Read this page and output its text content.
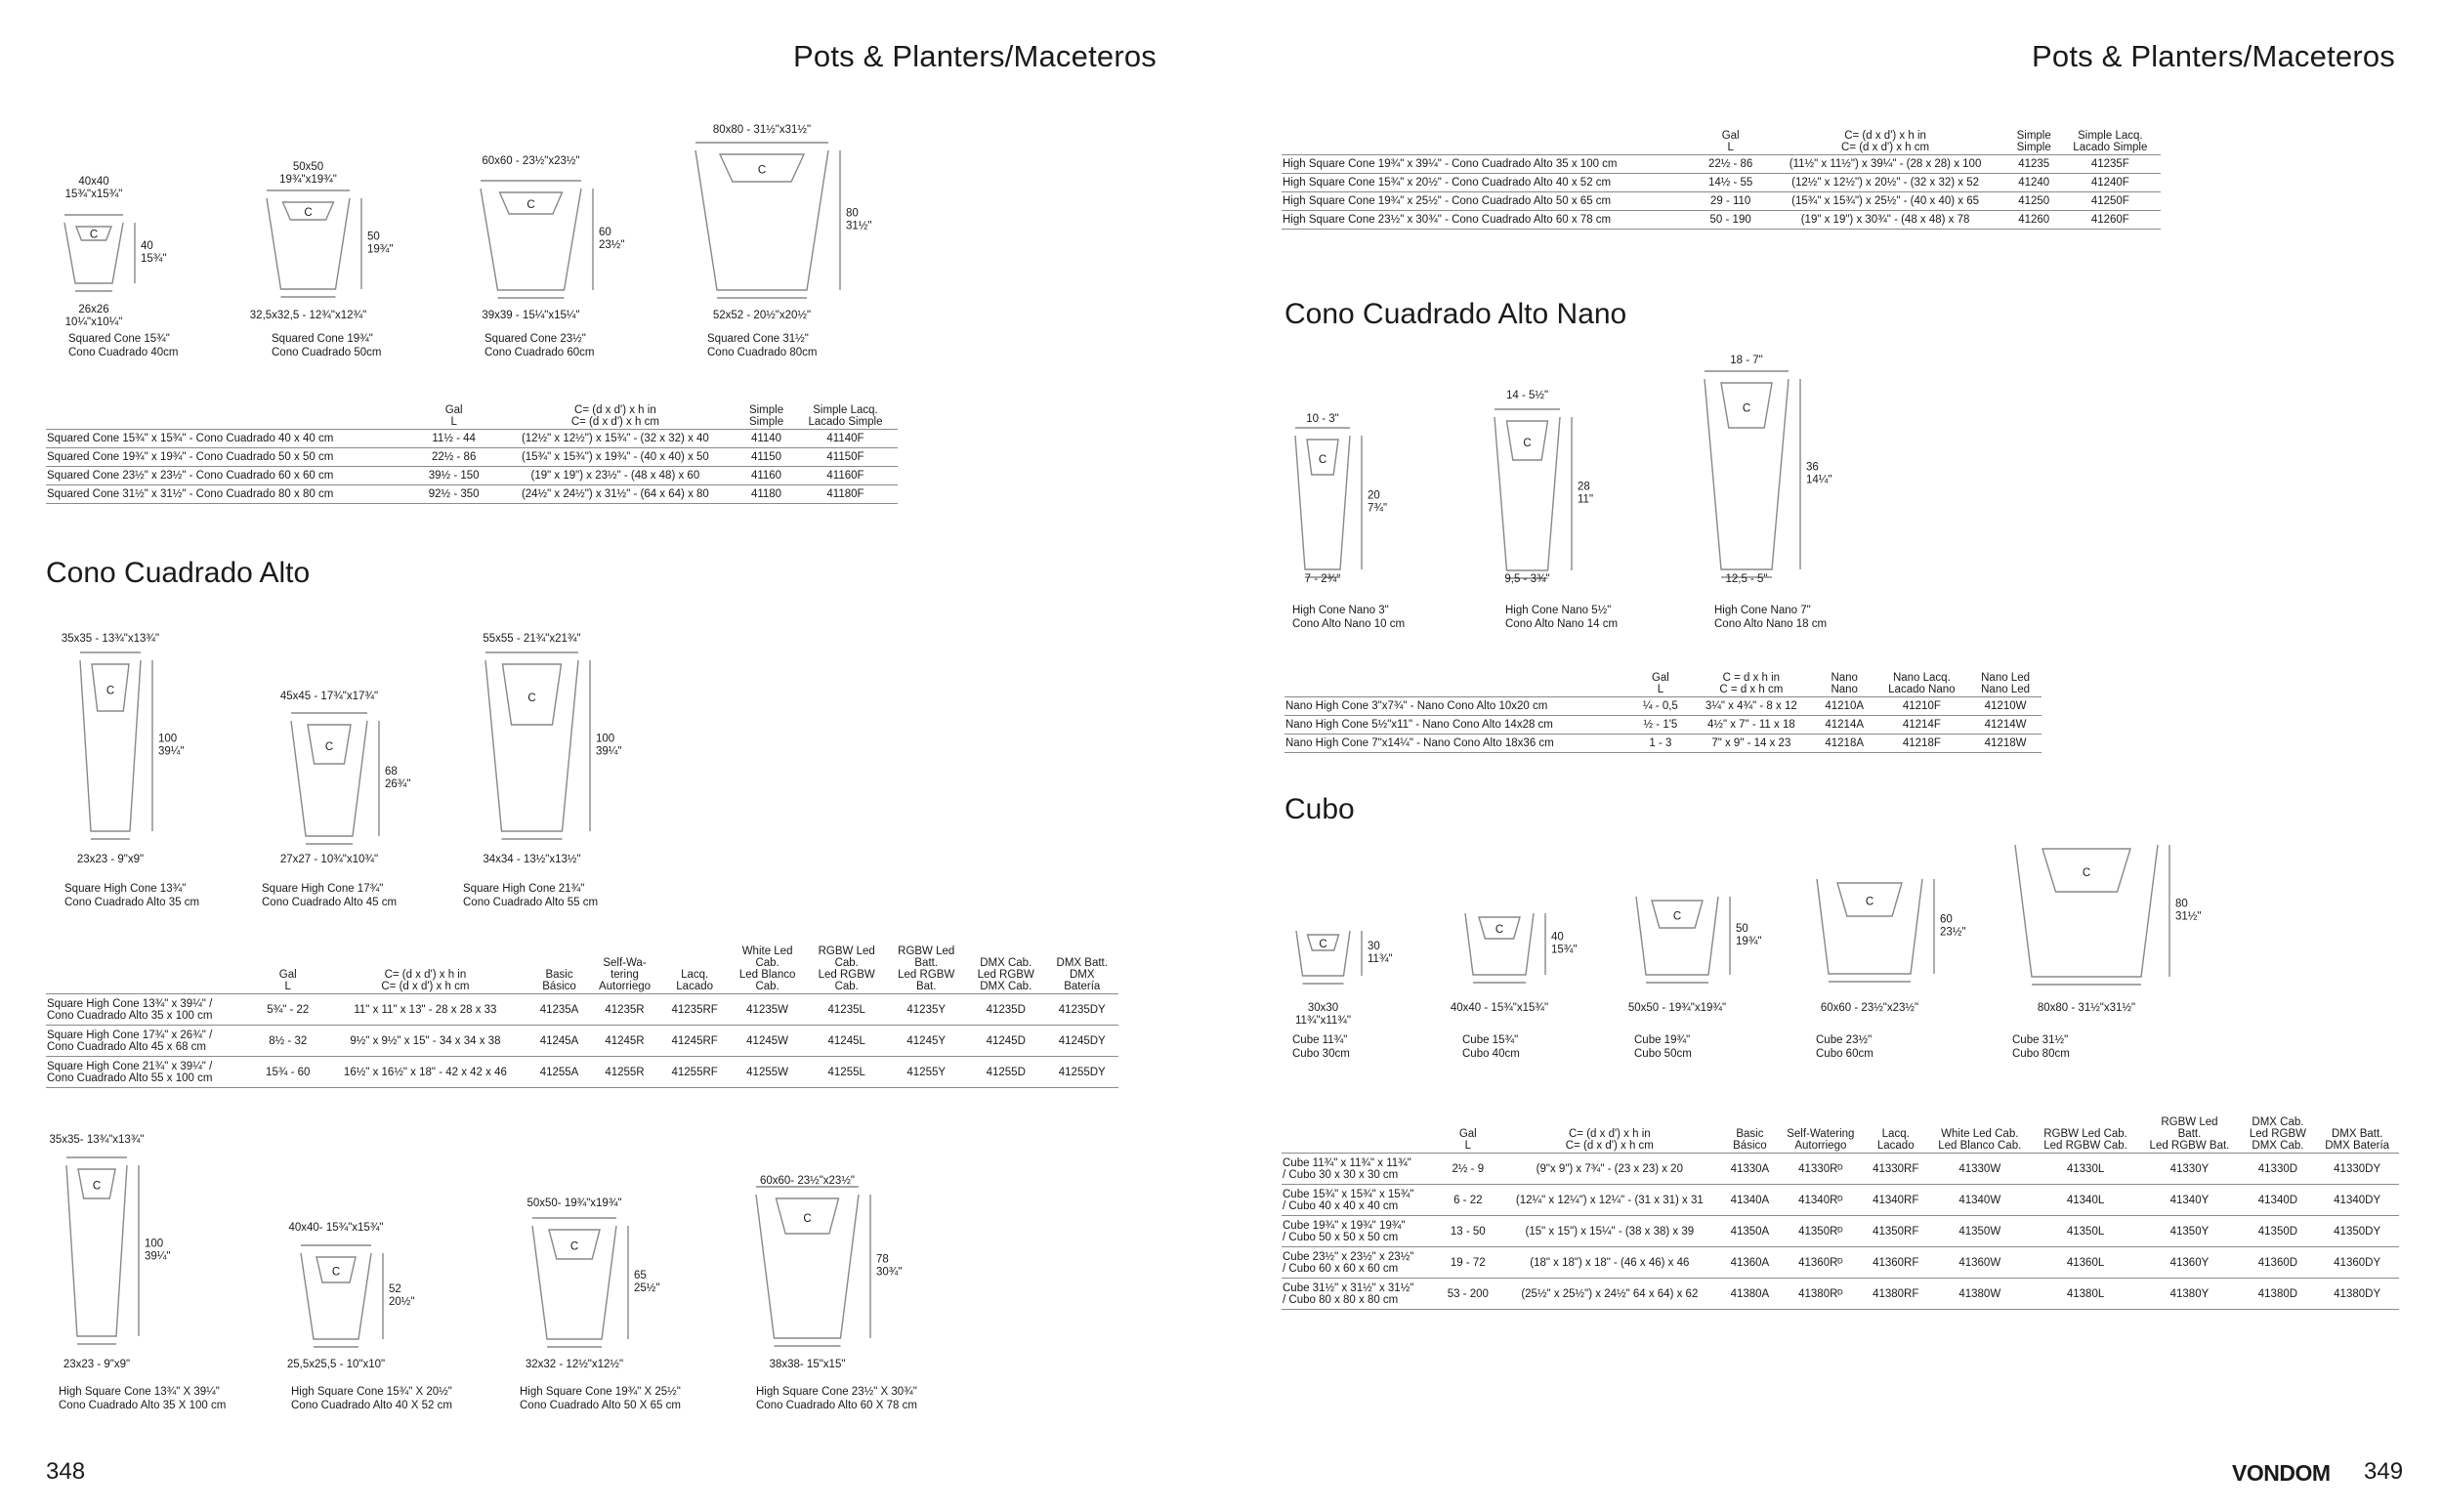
Pots & Planters/Maceteros	Pots & Planters/Maceteros
348	VONDOM 349
Cono Cuadrado Alto
Cono Cuadrado Alto Nano
Cubo
C
40x40 15¾"x15¾"
40 15¾"
26x26 10¼"x10¼"
Squared Cone 15¾"
Cono Cuadrado 40cm
C
50x50 19¾"x19¾"
50 19¾"
32,5x32,5 - 12¾"x12¾"
Squared Cone 19¾"
Cono Cuadrado 50cm
C
60x60 - 23½"x23½"
60 23½"
39x39 - 15¼"x15¼"
Squared Cone 23½"
Cono Cuadrado 60cm
C
80x80 - 31½"x31½"
80 31½"
52x52 - 20½"x20½"
Squared Cone 31½"
Cono Cuadrado 80cm
C
35x35 - 13¾"x13¾"
100 39¼"
23x23 - 9"x9"
Square High Cone 13¾"
Cono Cuadrado Alto 35 cm
C
45x45 - 17¾"x17¾"
68 26¾"
27x27 - 10¾"x10¾"
Square High Cone 17¾"
Cono Cuadrado Alto 45 cm
C
55x55 - 21¾"x21¾"
100 39¼"
34x34 - 13½"x13½"
Square High Cone 21¾"
Cono Cuadrado Alto 55 cm
C
35x35- 13¾"x13¾"
100 39¼"
23x23 - 9"x9"
High Square Cone 13¾" X 39¼"
Cono Cuadrado Alto 35 X 100 cm
C
40x40- 15¾"x15¾"
52 20½"
25,5x25,5 - 10"x10"
High Square Cone 15¾" X 20½"
Cono Cuadrado Alto 40 X 52 cm
C
50x50- 19¾"x19¾"
65 25½"
32x32 - 12½"x12½"
High Square Cone 19¾" X 25½"
Cono Cuadrado Alto 50 X 65 cm
C
60x60- 23½"x23½"
78 30¾"
38x38- 15"x15"
High Square Cone 23½" X 30¾"
Cono Cuadrado Alto 60 X 78 cm
C
10 - 3"
20 7¾"
7 - 2¾"
High Cone Nano 3"
Cono Alto Nano 10 cm
C
14 - 5½"
28 11"
9,5 - 3¾"
High Cone Nano 5½"
Cono Alto Nano 14 cm
C
18 - 7"
36 14¼"
12,5 - 5"
High Cone Nano 7"
Cono Alto Nano 18 cm
C	30 11¾"
30x30 11¾"x11¾"
Cube 11¾"
Cubo 30cm
C
40 15¾"
40x40 - 15¾"x15¾"
Cube 15¾"
Cubo 40cm
C
50 19¾"
50x50 - 19¾"x19¾"
Cube 19¾"
Cubo 50cm
C
60 23½"
60x60 - 23½"x23½"
Cube 23½"
Cubo 60cm
C
80 31½"
80x80 - 31½"x31½"
Cube 31½"
Cubo 80cm
	Gal
L	C= (d x d') x h in
C= (d x d') x h cm	Simple
Simple	Simple Lacq.
Lacado Simple
Squared Cone 15¾" x 15¾" - Cono Cuadrado 40 x 40 cm	11½ - 44	(12½" x 12½") x 15¾" - (32 x 32) x 40	41140	41140F
Squared Cone 19¾" x 19¾" - Cono Cuadrado 50 x 50 cm	22½ - 86	(15¾" x 15¾") x 19¾" - (40 x 40) x 50	41150	41150F
Squared Cone 23½" x 23½" - Cono Cuadrado 60 x 60 cm	39½ - 150	(19" x 19") x 23½" - (48 x 48) x 60	41160	41160F
Squared Cone 31½" x 31½" - Cono Cuadrado 80 x 80 cm	92½ - 350	(24½" x 24½") x 31½" - (64 x 64) x 80	41180	41180F
	Gal
L	C= (d x d') x h in
C= (d x d') x h cm	Basic
Básico	Self-Wa-
tering
Autorriego	Lacq.
Lacado	White Led
Cab.
Led Blanco
Cab.	RGBW Led
Cab.
Led RGBW
Cab.	RGBW Led
Batt.
Led RGBW
Bat.	DMX Cab.
Led RGBW
DMX Cab.	DMX Batt.
DMX
Batería
Square High Cone 13¾" x 39¼" /
Cono Cuadrado Alto 35 x 100 cm	5¾" - 22	11" x 11" x 13" - 28 x 28 x 33	41235A	41235R	41235RF	41235W	41235L	41235Y	41235D	41235DY
Square High Cone 17¾" x 26¾" /
Cono Cuadrado Alto 45 x 68 cm	8½ - 32	9½" x 9½" x 15" - 34 x 34 x 38	41245A	41245R	41245RF	41245W	41245L	41245Y	41245D	41245DY
Square High Cone 21¾" x 39¼" /
Cono Cuadrado Alto 55 x 100 cm	15¾ - 60	16½" x 16½" x 18" - 42 x 42 x 46	41255A	41255R	41255RF	41255W	41255L	41255Y	41255D	41255DY
	Gal
L	C= (d x d') x h in
C= (d x d') x h cm	Simple
Simple	Simple Lacq.
Lacado Simple
High Square Cone 19¾" x 39¼" - Cono Cuadrado Alto 35 x 100 cm	22½ - 86	(11½" x 11½") x 39¼" - (28 x 28) x 100	41235	41235F
High Square Cone 15¾" x 20½" - Cono Cuadrado Alto 40 x 52 cm	14½ - 55	(12½" x 12½") x 20½" - (32 x 32) x 52	41240	41240F
High Square Cone 19¾" x 25½" - Cono Cuadrado Alto 50 x 65 cm	29 - 110	(15¾" x 15¾") x 25½" - (40 x 40) x 65	41250	41250F
High Square Cone 23½" x 30¾" - Cono Cuadrado Alto 60 x 78 cm	50 - 190	(19" x 19") x 30¾" - (48 x 48) x 78	41260	41260F
	Gal
L	C = d x h in
C = d x h cm	Nano
Nano	Nano Lacq.
Lacado Nano	Nano Led
Nano Led
Nano High Cone 3"x7¾" - Nano Cono Alto 10x20 cm	¼ - 0,5	3¼" x 4¾" - 8 x 12	41210A	41210F	41210W
Nano High Cone 5½"x11" - Nano Cono Alto 14x28 cm	½ - 1'5	4½" x 7" - 11 x 18	41214A	41214F	41214W
Nano High Cone 7"x14¼" - Nano Cono Alto 18x36 cm	1 - 3	7" x 9" - 14 x 23	41218A	41218F	41218W
	Gal
L	C= (d x d') x h in
C= (d x d') x h cm	Basic
Básico	Self-Watering
Autorriego	Lacq.
Lacado	White Led Cab.
Led Blanco Cab.	RGBW Led Cab.
Led RGBW Cab.	RGBW Led
Batt.
Led RGBW Bat.	DMX Cab.
Led RGBW
DMX Cab.	DMX Batt.
DMX Batería
Cube 11¾" x 11¾" x 11¾"
/ Cubo 30 x 30 x 30 cm	2½ - 9	(9"x 9") x 7¾" - (23 x 23) x 20	41330A	41330Rᴰ	41330RF	41330W	41330L	41330Y	41330D	41330DY
Cube 15¾" x 15¾" x 15¾"
/ Cubo 40 x 40 x 40 cm	6 - 22	(12¼" x 12¼") x 12¼" - (31 x 31) x 31	41340A	41340Rᴰ	41340RF	41340W	41340L	41340Y	41340D	41340DY
Cube 19¾" x 19¾" 19¾"
/ Cubo 50 x 50 x 50 cm	13 - 50	(15" x 15") x 15¼" - (38 x 38) x 39	41350A	41350Rᴰ	41350RF	41350W	41350L	41350Y	41350D	41350DY
Cube 23½" x 23½" x 23½"
/ Cubo 60 x 60 x 60 cm	19 - 72	(18" x 18") x 18" - (46 x 46) x 46	41360A	41360Rᴰ	41360RF	41360W	41360L	41360Y	41360D	41360DY
Cube 31½" x 31½" x 31½"
/ Cubo 80 x 80 x 80 cm	53 - 200	(25½" x 25½") x 24½" 64 x 64) x 62	41380A	41380Rᴰ	41380RF	41380W	41380L	41380Y	41380D	41380DY
